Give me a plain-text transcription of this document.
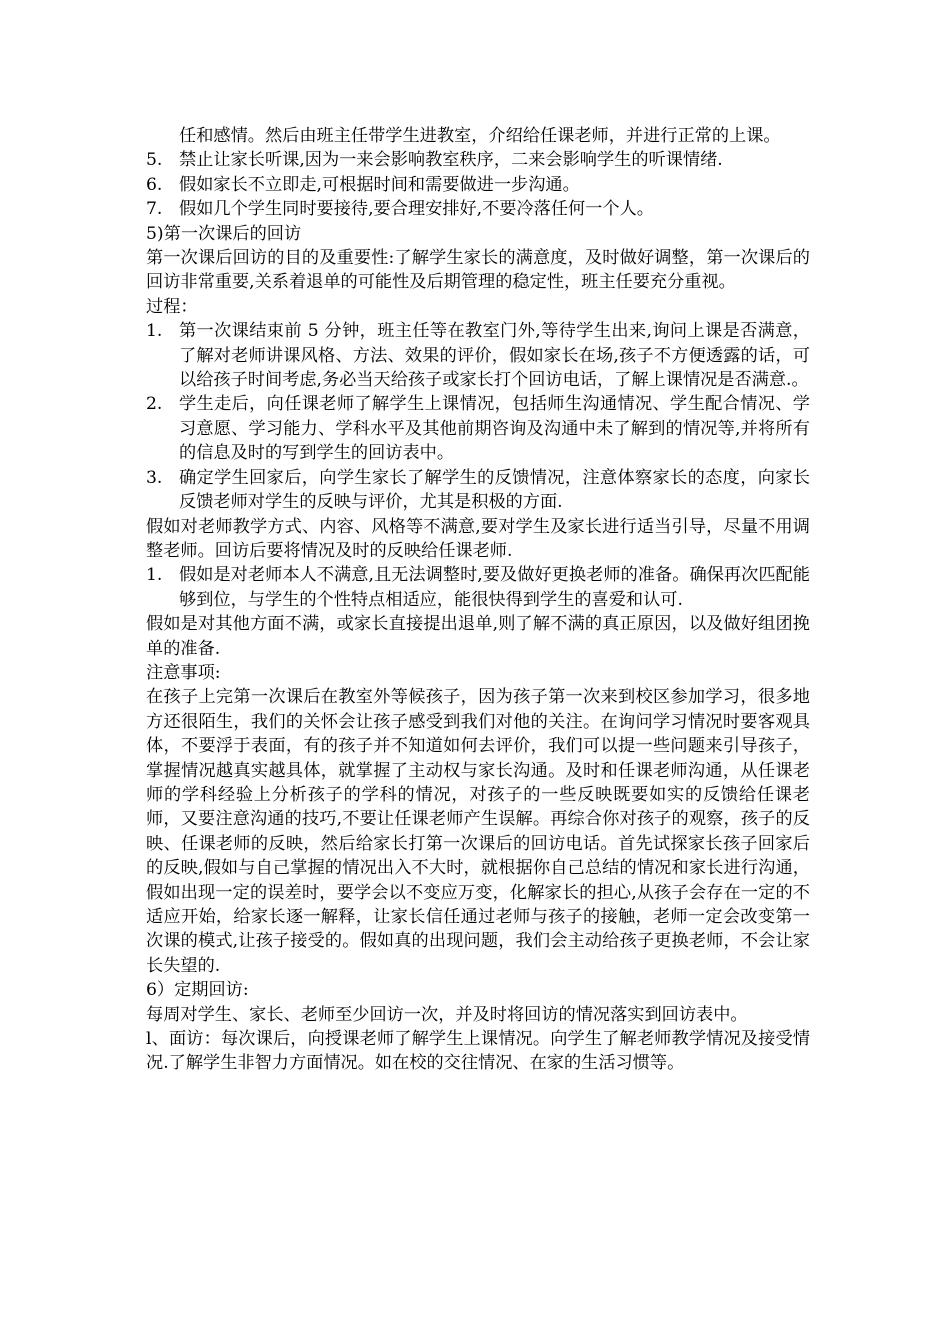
任和感情。然后由班主任带学生进教室，介绍给任课老师，并进行正常的上课。

5. 禁止让家长听课,因为一来会影响教室秩序，二来会影响学生的听课情绪.

6. 假如家长不立即走,可根据时间和需要做进一步沟通。

7. 假如几个学生同时要接待,要合理安排好,不要冷落任何一个人。

5)第一次课后的回访

第一次课后回访的目的及重要性:了解学生家长的满意度，及时做好调整，第一次课后的回访非常重要,关系着退单的可能性及后期管理的稳定性，班主任要充分重视。

过程：

1. 第一次课结束前 5 分钟，班主任等在教室门外,等待学生出来,询问上课是否满意，了解对老师讲课风格、方法、效果的评价，假如家长在场,孩子不方便透露的话，可以给孩子时间考虑,务必当天给孩子或家长打个回访电话，了解上课情况是否满意.。

2. 学生走后，向任课老师了解学生上课情况，包括师生沟通情况、学生配合情况、学习意愿、学习能力、学科水平及其他前期咨询及沟通中未了解到的情况等,并将所有的信息及时的写到学生的回访表中。

3. 确定学生回家后，向学生家长了解学生的反馈情况，注意体察家长的态度，向家长反馈老师对学生的反映与评价，尤其是积极的方面.

假如对老师教学方式、内容、风格等不满意,要对学生及家长进行适当引导，尽量不用调整老师。回访后要将情况及时的反映给任课老师.

1. 假如是对老师本人不满意,且无法调整时,要及做好更换老师的准备。确保再次匹配能够到位，与学生的个性特点相适应，能很快得到学生的喜爱和认可.

假如是对其他方面不满，或家长直接提出退单,则了解不满的真正原因，以及做好组团挽单的准备.

注意事项:

在孩子上完第一次课后在教室外等候孩子，因为孩子第一次来到校区参加学习，很多地方还很陌生，我们的关怀会让孩子感受到我们对他的关注。在询问学习情况时要客观具体，不要浮于表面，有的孩子并不知道如何去评价，我们可以提一些问题来引导孩子，掌握情况越真实越具体，就掌握了主动权与家长沟通。及时和任课老师沟通，从任课老师的学科经验上分析孩子的学科的情况，对孩子的一些反映既要如实的反馈给任课老师，又要注意沟通的技巧,不要让任课老师产生误解。再综合你对孩子的观察，孩子的反映、任课老师的反映，然后给家长打第一次课后的回访电话。首先试探家长孩子回家后的反映,假如与自己掌握的情况出入不大时，就根据你自己总结的情况和家长进行沟通，假如出现一定的误差时，要学会以不变应万变，化解家长的担心,从孩子会存在一定的不适应开始，给家长逐一解释，让家长信任通过老师与孩子的接触，老师一定会改变第一次课的模式,让孩子接受的。假如真的出现问题，我们会主动给孩子更换老师，不会让家长失望的.

6）定期回访:

每周对学生、家长、老师至少回访一次，并及时将回访的情况落实到回访表中。

l、面访：每次课后，向授课老师了解学生上课情况。向学生了解老师教学情况及接受情况.了解学生非智力方面情况。如在校的交往情况、在家的生活习惯等。
